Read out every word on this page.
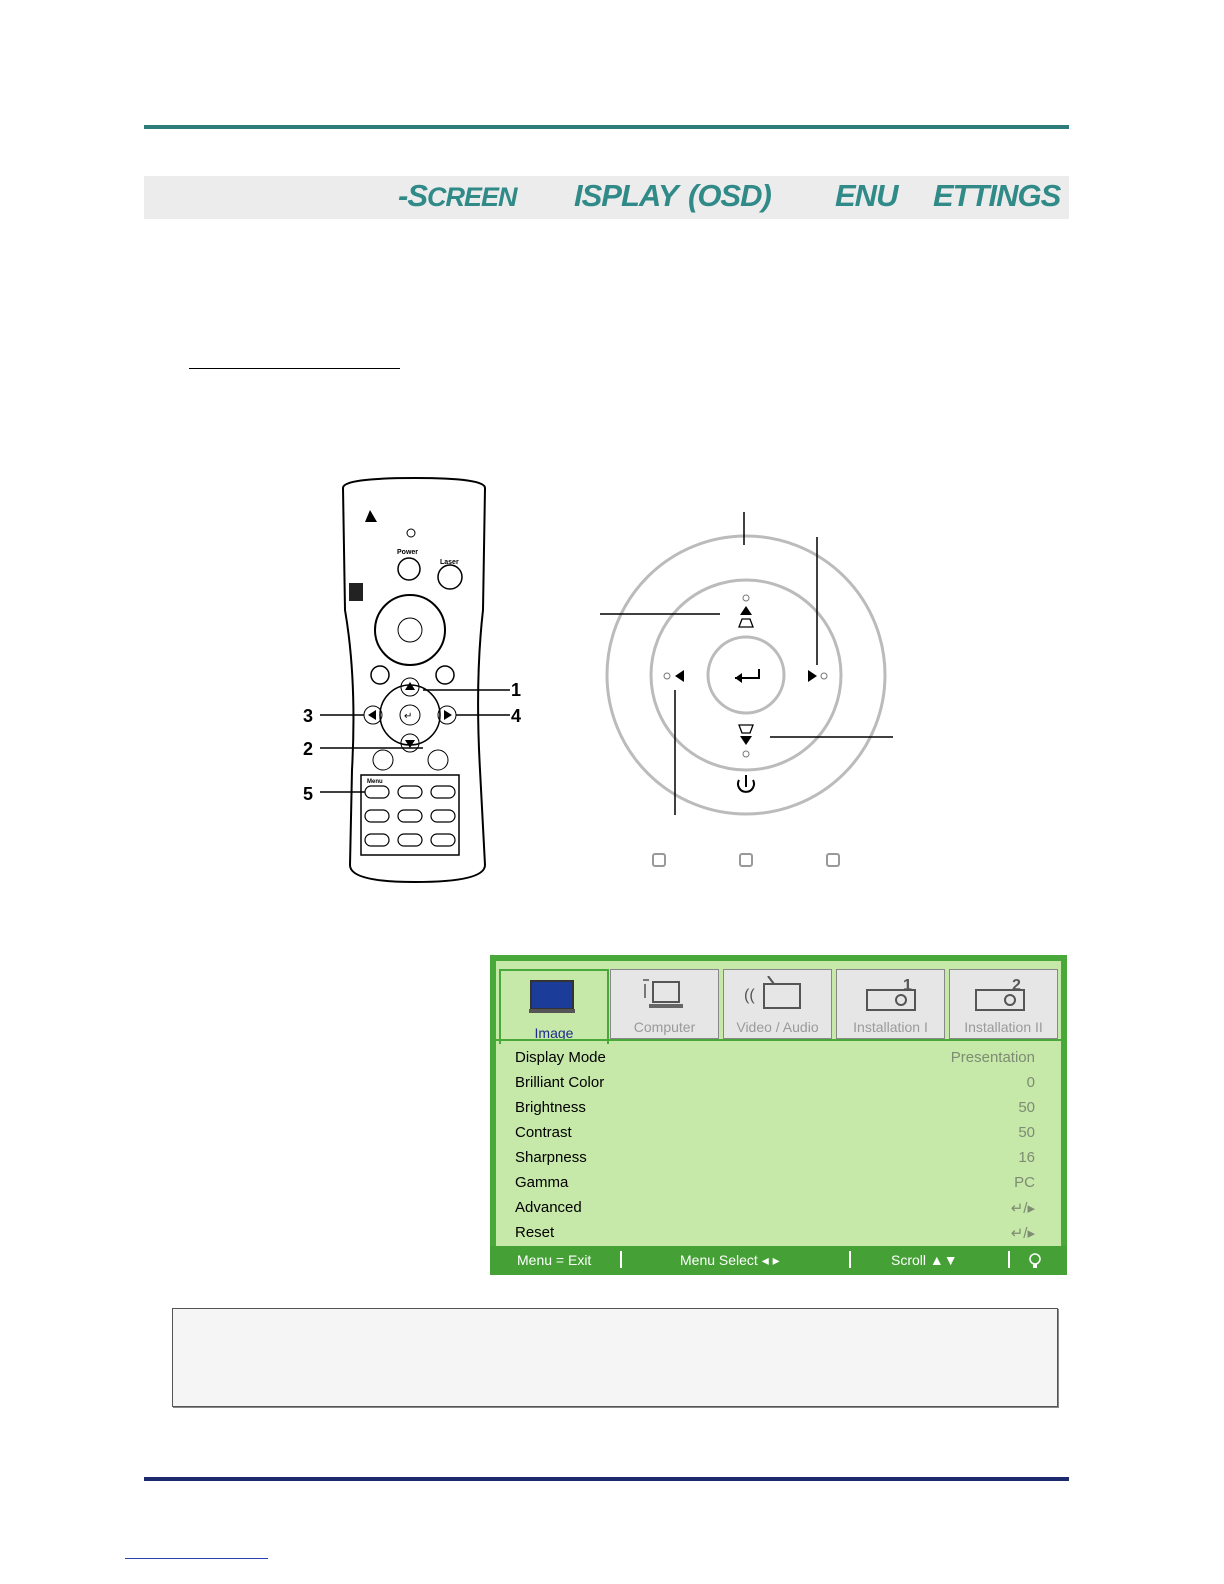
-SCREEN ISPLAY (OSD) ENU ETTINGS
Power
Laser
↵
Menu
1
2
3	4
5
Image	Computer
((
Video / Audio
1
Installation I
2
Installation II
Display Mode	Presentation
Brilliant Color	0
Brightness	50
Contrast	50
Sharpness	16
Gamma	PC
Advanced	↵/▸
Reset	↵/▸
Menu = Exit	Menu Select ◂ ▸	Scroll ▲▼
